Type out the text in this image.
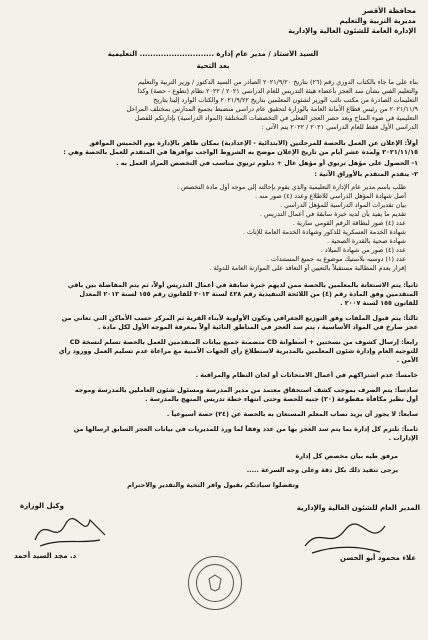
محافظة الأقصر
مديرية التربية والتعليم
الإدارة العامة للشئون العالية والإدارية
السيد الأستاذ / مدير عام إدارة ............................ التعليمية
بعد التحية
بناء على ما جاء بالكتاب الدوري رقم (٢٦) بتاريخ ٢٠٢١/٩/٢٠ الصادر من السيد الدكتور / وزير التربية والتعليم
والتعليم الفني بشأن سد العجز بأعضاء هيئة التدريس للعام الدراسي ٢٠٢١ / ٢٠٢٢ نظام (تطوع - حصة) وكذا
التعليمات الصادرة من مكتب نائب الوزير لشئون المعلمين بتاريخ ٢٠٢١/٩/٢٢ والكتاب الوارد إلينا بتاريخ
٢٠٢١/١١/٩ من رئيس قطاع الأمانة العامة بالوزارة لتحقيق عام دراسي منضبط بجميع المدارس بمختلف المراحل
التعليمية في ضوء المتاح وبعد حصر العجز الفعلي في التخصصات المختلفة (المواد الدراسية) بإدارتكم للفصل
الدراسي الأول فقط للعام الدراسي ٢٠٢١ / ٢٠٢٢ يتم الآتي :
أولاً: الإعلان عن العمل بالحصة للمرحلتين (الابتدائية - الإعدادية) بمكان ظاهر بالإدارة يوم الخميس الموافق
٢٠٢١/١١/١٥ ولمدة عشر أيام من تاريخ الإعلان موضح به الشروط الواجب توافرها في المتقدم للعمل بالحصة وهي :
١- الحصول على مؤهل تربوي أو مؤهل عال + دبلوم تربوي مناسب في التخصص المراد العمل به .
٢- يتقدم المتقدم بالأوراق الآتية :
طلب باسم مدير عام الإدارة التعليمية والذي يقوم بإحالته إلى موجه أول مادة التخصص .
أصل شهادة المؤهل الدراسي للاطلاع وعدد (٤) صور منه .
بيان تقديرات المواد الدراسية للمؤهل الدراسي .
تقديم ما يفيد بأن لديه خبرة سابقة في أعمال التدريس .
عدد (٤) صور لبطاقة الرقم القومي سارية .
شهادة الخدمة العسكرية للذكور وشهادة الخدمة العامة للإناث .
شهادة صحية بالقدرة الصحية .
عدد (٤) صور من شهادة الميلاد .
عدد (١) دوسيه بلاستيك موضوع به جميع المستندات .
إقرار بعدم المطالبة مستقبلاً بالتعيين أو التعاقد على الموازنة العامة للدولة .
ثانياً: يتم الاستعانة بالمعلمين بالحصة ممن لديهم خبرة سابقة في أعمال التدريس أولاً، ثم يتم المفاضلة بين باقي
المتقدمين وفق المادة رقم (٤) من اللائحة التنفيذية رقم ٤٢٨ لسنة ٢٠١٣ للقانون رقم ١٥٥ لسنة ٢٠١٢ المعدل
للقانون ١٥٥ لسنة ٢٠٠٧ .
ثالثاً: يتم قبول الملفات وفق التوزيع الجغرافي وتكون الأولوية لأبناء القرية ثم المركز حسب الأماكن التي تعاني من
عجز صارخ في المواد الأساسية ، يتم سد العجز في المناطق النائية أولاً بمعرفة الموجه الأول لكل مادة .
رابعاً: إرسال كشوف من نسختين + أسطوانة CD متضمنة جميع بيانات المتقدمين للعمل بالحصة تسلم لنسخة CD
للتوجيه العام وإدارة شئون المعلمين بالمديرية لاستطلاع رأي الجهات الأمنية مع مراعاة عدم تسليم العمل وورود رأي
الأمن .
خامساً: عدم اشتراكهم في أعمال الامتحانات أو لجان النظام والمراقبة .
سادساً: يتم الصرف بموجب كشف استحقاق معتمد من مدير المدرسة ومسئول شئون العاملين بالمدرسة وموجه
أول نظير مكافأة مقطوعة (٢٠) جنيه للحصة وحتى انتهاء خطة تدريس المنهج بالمدرسة .
سابعاً: لا يجوز أن يزيد نصاب المعلم المستعان به بالحصة عن (٢٤) حصة أسبوعياً .
ثامناً: تلتزم كل إدارة بما يتم سد العجز بها من عدد وفقاً لما ورد للمديريات في بيانات العجز السابق ارسالها من
الإدارات .
مرفق طيه بيان مخصص كل إدارة
يرجى تنفيذ ذلك بكل دقة وعلى وجه السرعة .....
وتفضلوا سيادتكم بقبول وافر التحية والتقدير والاحترام
وكيل الوزارة
د. مجد السيد أحمد
المدير العام للشئون العالية والإدارية
علاء محمود أبو الحسن
